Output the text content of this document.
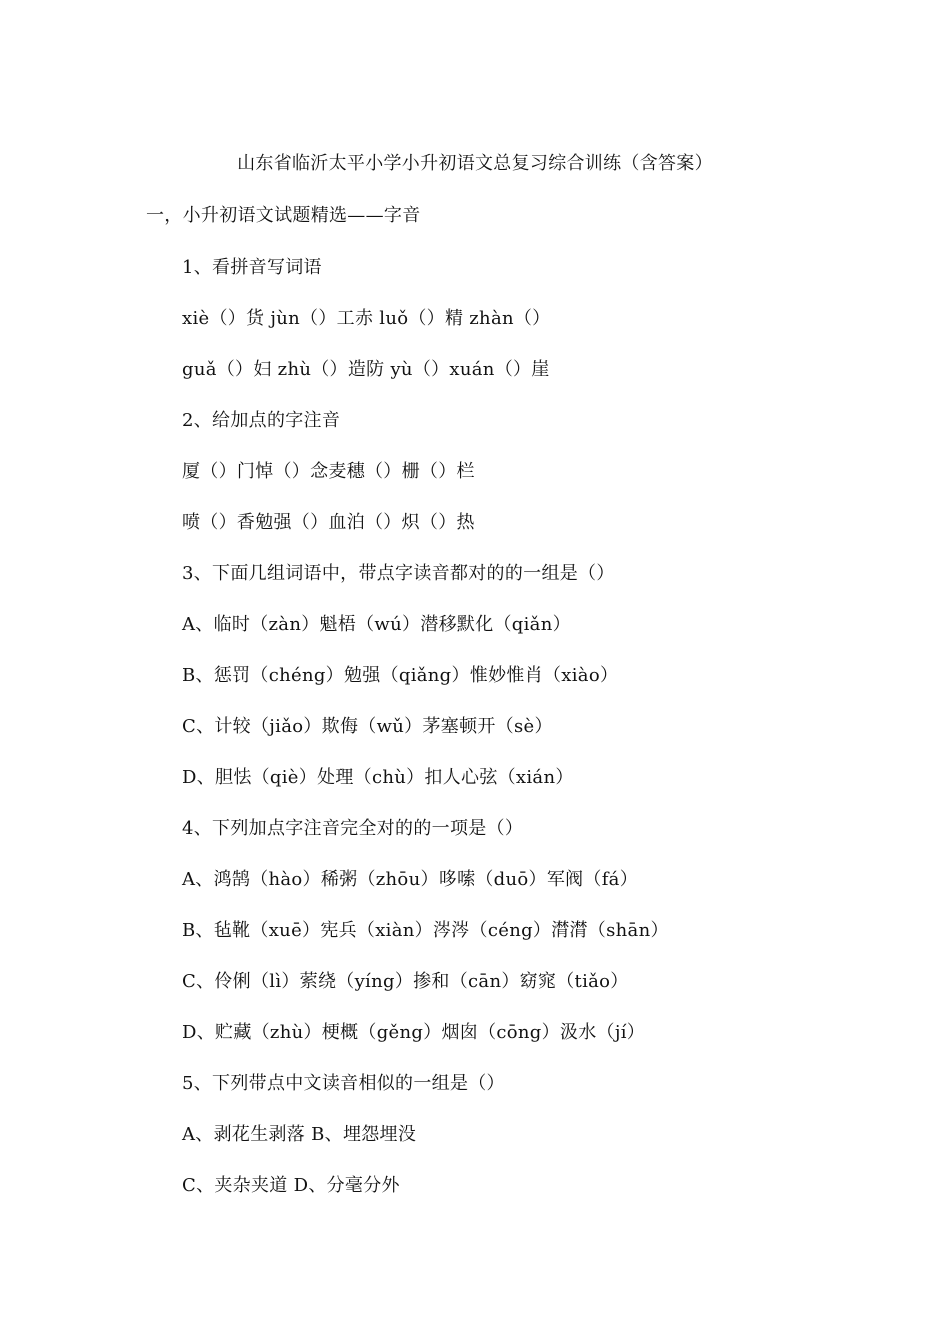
山东省临沂太平小学小升初语文总复习综合训练（含答案）
一，小升初语文试题精选——字音
1、看拼音写词语
xiè（）货 jùn（）工赤 luǒ（）精 zhàn（）
guǎ（）妇 zhù（）造防 yù（）xuán（）崖
2、给加点的字注音
厦（）门悼（）念麦穗（）栅（）栏
喷（）香勉强（）血泊（）炽（）热
3、下面几组词语中，带点字读音都对的的一组是（）
A、临时（zàn）魁梧（wú）潜移默化（qiǎn）
B、惩罚（chéng）勉强（qiǎng）惟妙惟肖（xiào）
C、计较（jiǎo）欺侮（wǔ）茅塞顿开（sè）
D、胆怯（qiè）处理（chù）扣人心弦（xián）
4、下列加点字注音完全对的的一项是（）
A、鸿鹄（hào）稀粥（zhōu）哆嗦（duō）军阀（fá）
B、毡靴（xuē）宪兵（xiàn）涔涔（céng）潸潸（shān）
C、伶俐（lì）萦绕（yíng）掺和（cān）窈窕（tiǎo）
D、贮藏（zhù）梗概（gěng）烟囱（cōng）汲水（jí）
5、下列带点中文读音相似的一组是（）
A、剥花生剥落 B、埋怨埋没
C、夹杂夹道 D、分毫分外
